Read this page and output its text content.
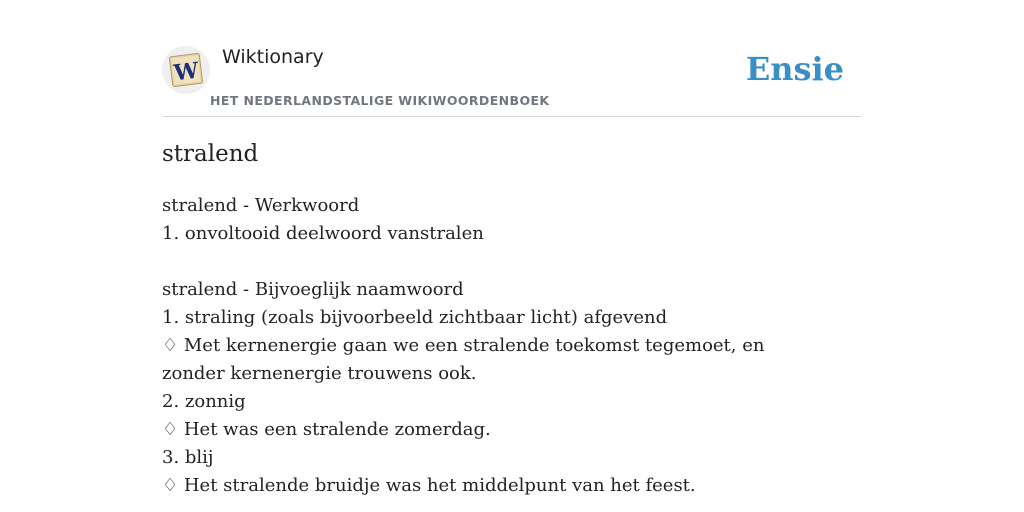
W
Wiktionary
HET NEDERLANDSTALIGE WIKIWOORDENBOEK
Ensie
stralend
stralend - Werkwoord
1. onvoltooid deelwoord vanstralen
stralend - Bijvoeglijk naamwoord
1. straling (zoals bijvoorbeeld zichtbaar licht) afgevend
♢ Met kernenergie gaan we een stralende toekomst tegemoet, en zonder kernenergie trouwens ook.
2. zonnig
♢ Het was een stralende zomerdag.
3. blij
♢ Het stralende bruidje was het middelpunt van het feest.
